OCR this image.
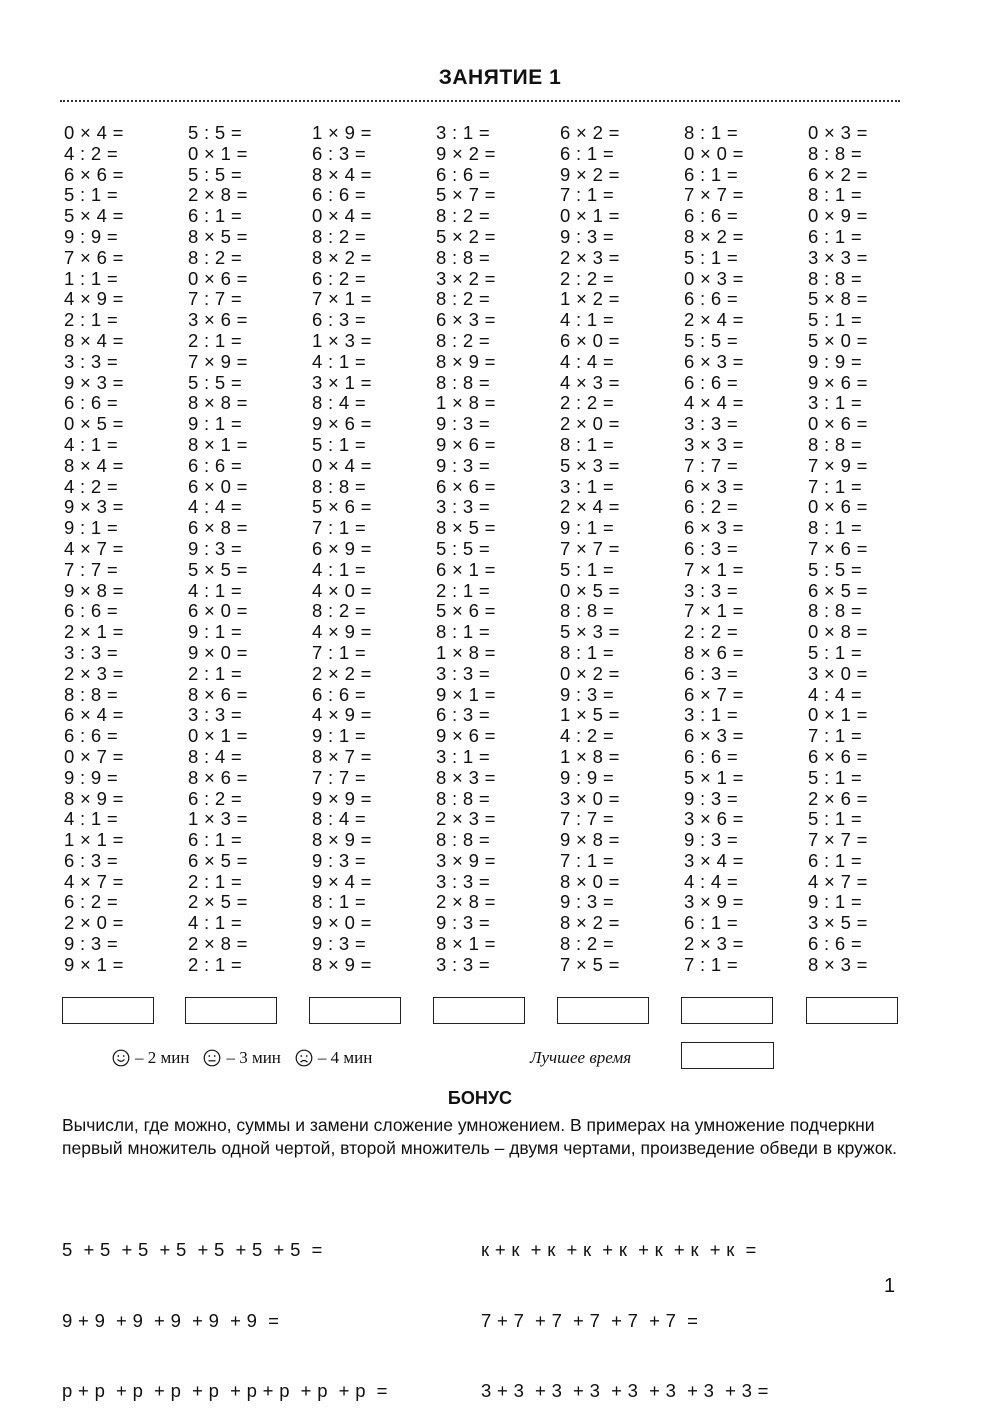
ЗАНЯТИЕ 1
0 × 4 =
4 : 2 =
6 × 6 =
5 : 1 =
5 × 4 =
9 : 9 =
7 × 6 =
1 : 1 =
4 × 9 =
2 : 1 =
8 × 4 =
3 : 3 =
9 × 3 =
6 : 6 =
0 × 5 =
4 : 1 =
8 × 4 =
4 : 2 =
9 × 3 =
9 : 1 =
4 × 7 =
7 : 7 =
9 × 8 =
6 : 6 =
2 × 1 =
3 : 3 =
2 × 3 =
8 : 8 =
6 × 4 =
6 : 6 =
0 × 7 =
9 : 9 =
8 × 9 =
4 : 1 =
1 × 1 =
6 : 3 =
4 × 7 =
6 : 2 =
2 × 0 =
9 : 3 =
9 × 1 =
5 : 5 =
0 × 1 =
5 : 5 =
2 × 8 =
6 : 1 =
8 × 5 =
8 : 2 =
0 × 6 =
7 : 7 =
3 × 6 =
2 : 1 =
7 × 9 =
5 : 5 =
8 × 8 =
9 : 1 =
8 × 1 =
6 : 6 =
6 × 0 =
4 : 4 =
6 × 8 =
9 : 3 =
5 × 5 =
4 : 1 =
6 × 0 =
9 : 1 =
9 × 0 =
2 : 1 =
8 × 6 =
3 : 3 =
0 × 1 =
8 : 4 =
8 × 6 =
6 : 2 =
1 × 3 =
6 : 1 =
6 × 5 =
2 : 1 =
2 × 5 =
4 : 1 =
2 × 8 =
2 : 1 =
1 × 9 =
6 : 3 =
8 × 4 =
6 : 6 =
0 × 4 =
8 : 2 =
8 × 2 =
6 : 2 =
7 × 1 =
6 : 3 =
1 × 3 =
4 : 1 =
3 × 1 =
8 : 4 =
9 × 6 =
5 : 1 =
0 × 4 =
8 : 8 =
5 × 6 =
7 : 1 =
6 × 9 =
4 : 1 =
4 × 0 =
8 : 2 =
4 × 9 =
7 : 1 =
2 × 2 =
6 : 6 =
4 × 9 =
9 : 1 =
8 × 7 =
7 : 7 =
9 × 9 =
8 : 4 =
8 × 9 =
9 : 3 =
9 × 4 =
8 : 1 =
9 × 0 =
9 : 3 =
8 × 9 =
3 : 1 =
9 × 2 =
6 : 6 =
5 × 7 =
8 : 2 =
5 × 2 =
8 : 8 =
3 × 2 =
8 : 2 =
6 × 3 =
8 : 2 =
8 × 9 =
8 : 8 =
1 × 8 =
9 : 3 =
9 × 6 =
9 : 3 =
6 × 6 =
3 : 3 =
8 × 5 =
5 : 5 =
6 × 1 =
2 : 1 =
5 × 6 =
8 : 1 =
1 × 8 =
3 : 3 =
9 × 1 =
6 : 3 =
9 × 6 =
3 : 1 =
8 × 3 =
8 : 8 =
2 × 3 =
8 : 8 =
3 × 9 =
3 : 3 =
2 × 8 =
9 : 3 =
8 × 1 =
3 : 3 =
6 × 2 =
6 : 1 =
9 × 2 =
7 : 1 =
0 × 1 =
9 : 3 =
2 × 3 =
2 : 2 =
1 × 2 =
4 : 1 =
6 × 0 =
4 : 4 =
4 × 3 =
2 : 2 =
2 × 0 =
8 : 1 =
5 × 3 =
3 : 1 =
2 × 4 =
9 : 1 =
7 × 7 =
5 : 1 =
0 × 5 =
8 : 8 =
5 × 3 =
8 : 1 =
0 × 2 =
9 : 3 =
1 × 5 =
4 : 2 =
1 × 8 =
9 : 9 =
3 × 0 =
7 : 7 =
9 × 8 =
7 : 1 =
8 × 0 =
9 : 3 =
8 × 2 =
8 : 2 =
7 × 5 =
8 : 1 =
0 × 0 =
6 : 1 =
7 × 7 =
6 : 6 =
8 × 2 =
5 : 1 =
0 × 3 =
6 : 6 =
2 × 4 =
5 : 5 =
6 × 3 =
6 : 6 =
4 × 4 =
3 : 3 =
3 × 3 =
7 : 7 =
6 × 3 =
6 : 2 =
6 × 3 =
6 : 3 =
7 × 1 =
3 : 3 =
7 × 1 =
2 : 2 =
8 × 6 =
6 : 3 =
6 × 7 =
3 : 1 =
6 × 3 =
6 : 6 =
5 × 1 =
9 : 3 =
3 × 6 =
9 : 3 =
3 × 4 =
4 : 4 =
3 × 9 =
6 : 1 =
2 × 3 =
7 : 1 =
0 × 3 =
8 : 8 =
6 × 2 =
8 : 1 =
0 × 9 =
6 : 1 =
3 × 3 =
8 : 8 =
5 × 8 =
5 : 1 =
5 × 0 =
9 : 9 =
9 × 6 =
3 : 1 =
0 × 6 =
8 : 8 =
7 × 9 =
7 : 1 =
0 × 6 =
8 : 1 =
7 × 6 =
5 : 5 =
6 × 5 =
8 : 8 =
0 × 8 =
5 : 1 =
3 × 0 =
4 : 4 =
0 × 1 =
7 : 1 =
6 × 6 =
5 : 1 =
2 × 6 =
5 : 1 =
7 × 7 =
6 : 1 =
4 × 7 =
9 : 1 =
3 × 5 =
6 : 6 =
8 × 3 =
– 2 мин – 3 мин – 4 мин	Лучшее время
БОНУС
Вычисли, где можно, суммы и замени сложение умножением. В примерах на умножение подчеркни первый множитель одной чертой, второй множитель – двумя чертами, произведение обведи в кружок.

5  + 5  + 5  + 5  + 5  + 5  + 5  =

9 + 9  + 9  + 9  + 9  + 9  =

р + р  + р  + р  + р  + р + р  + р  + р  =

к + к  + к  + к  + к  + к  + к  + к  =

7 + 7  + 7  + 7  + 7  + 7  =

3 + 3  + 3  + 3  + 3  + 3  + 3  + 3 =

1
